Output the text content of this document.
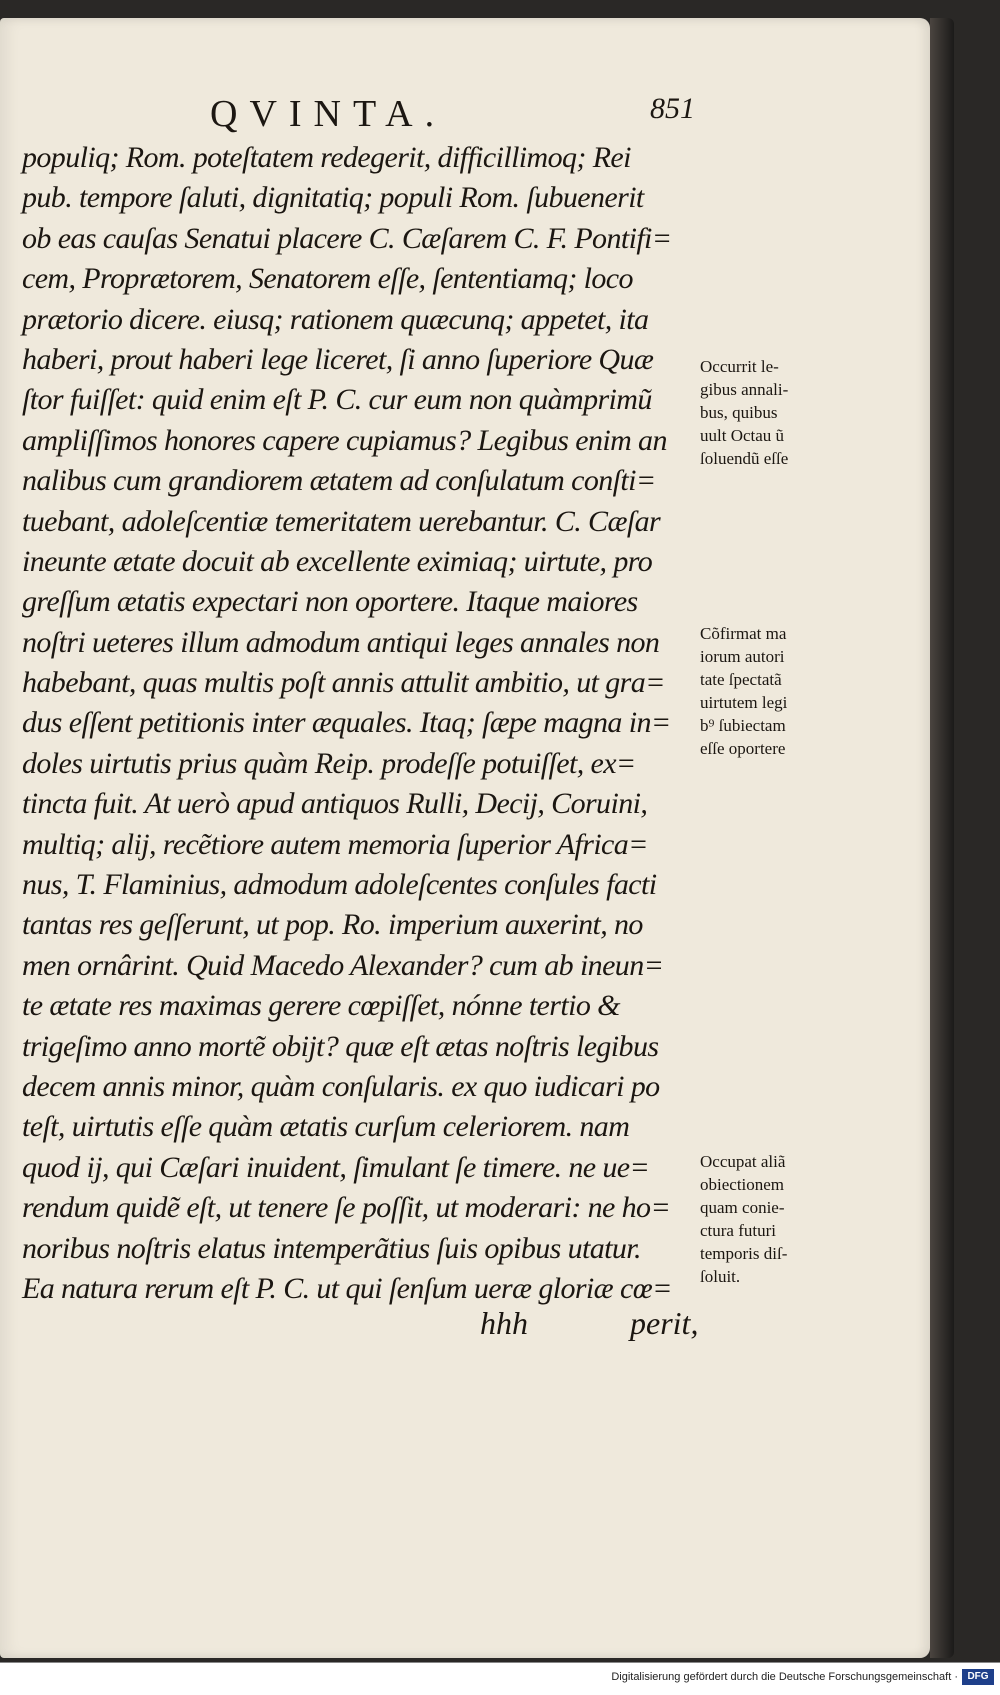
QVINTA.	851
populiq; Rom. poteſtatem redegerit, difficillimoq; Rei
pub. tempore ſaluti, dignitatiq; populi Rom. ſubuenerit
ob eas cauſas Senatui placere C. Cæſarem C. F. Pontifi=
cem, Proprætorem, Senatorem eſſe, ſententiamq; loco
prætorio dicere. eiusq; rationem quæcunq; appetet, ita
haberi, prout haberi lege liceret, ſi anno ſuperiore Quæ
ſtor fuiſſet: quid enim eſt P. C. cur eum non quàmprimũ
ampliſſimos honores capere cupiamus? Legibus enim an
nalibus cum grandiorem ætatem ad conſulatum conſti=
tuebant, adoleſcentiæ temeritatem uerebantur. C. Cæſar
ineunte ætate docuit ab excellente eximiaq; uirtute, pro
greſſum ætatis expectari non oportere. Itaque maiores
noſtri ueteres illum admodum antiqui leges annales non
habebant, quas multis poſt annis attulit ambitio, ut gra=
dus eſſent petitionis inter æquales. Itaq; ſæpe magna in=
doles uirtutis prius quàm Reip. prodeſſe potuiſſet, ex=
tincta fuit. At uerò apud antiquos Rulli, Decij, Coruini,
multiq; alij, recẽtiore autem memoria ſuperior Africa=
nus, T. Flaminius, admodum adoleſcentes conſules facti
tantas res geſſerunt, ut pop. Ro. imperium auxerint, no
men ornârint. Quid Macedo Alexander? cum ab ineun=
te ætate res maximas gerere cœpiſſet, nónne tertio &
trigeſimo anno mortẽ obijt? quæ eſt ætas noſtris legibus
decem annis minor, quàm conſularis. ex quo iudicari po
teſt, uirtutis eſſe quàm ætatis curſum celeriorem. nam
quod ij, qui Cæſari inuident, ſimulant ſe timere. ne ue=
rendum quidẽ eſt, ut tenere ſe poſſit, ut moderari: ne ho=
noribus noſtris elatus intemperãtius ſuis opibus utatur.
Ea natura rerum eſt P. C. ut qui ſenſum ueræ gloriæ cœ=
Occurrit le-
gibus annali-
bus, quibus
uult Octau ũ
ſoluendũ eſſe
Cõfirmat ma
iorum autori
tate ſpectatã
uirtutem legi
b⁹ ſubiectam
eſſe oportere
Occupat aliã
obiectionem
quam conie-
ctura futuri
temporis diſ-
ſoluit.
hhh	perit,
Digitalisierung gefördert durch die Deutsche Forschungsgemeinschaft · DFG
